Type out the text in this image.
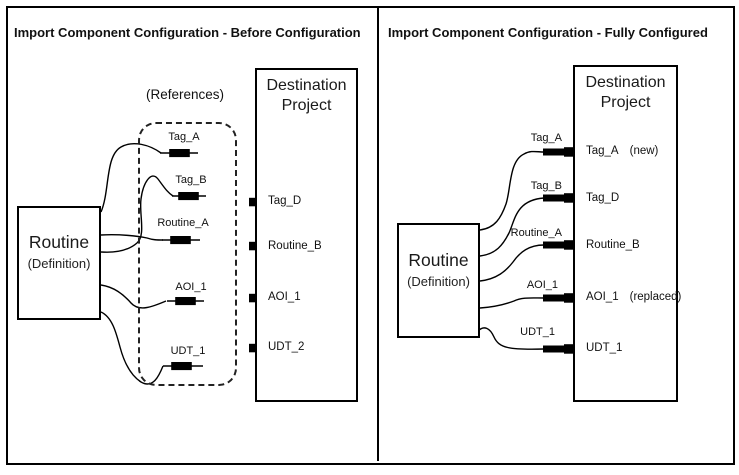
Import Component Configuration - Before Configuration
(References)
Routine
(Definition)
Tag_A
Tag_B
Routine_A
AOI_1
UDT_1
Destination Project
Tag_D
Routine_B
AOI_1
UDT_2
Import Component Configuration - Fully Configured
Routine
(Definition)
Tag_A
Tag_B
Routine_A
AOI_1
UDT_1
Destination Project
Tag_A (new)
Tag_D
Routine_B
AOI_1 (replaced)
UDT_1
